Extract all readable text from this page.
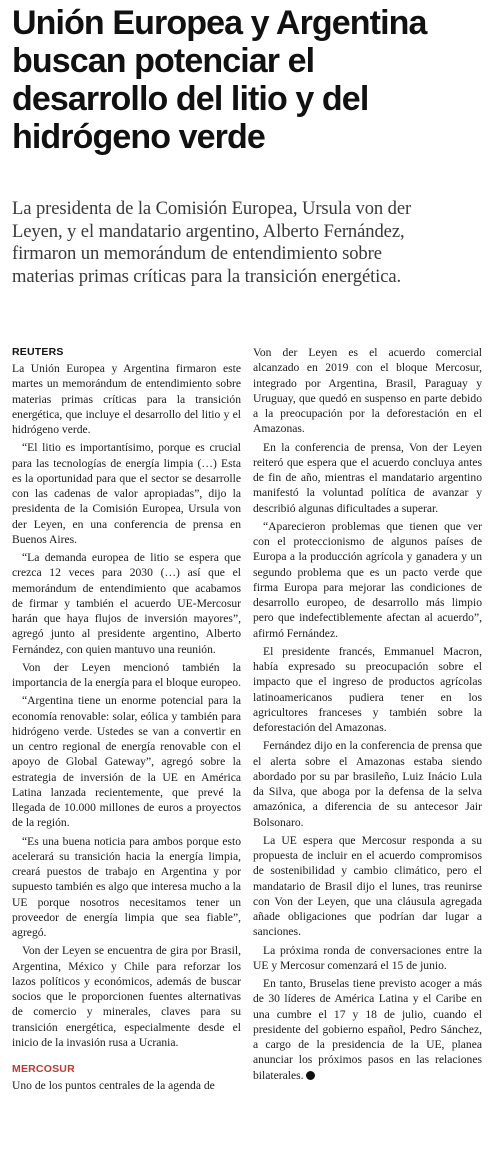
Unión Europea y Argentina
buscan potenciar el
desarrollo del litio y del
hidrógeno verde
La presidenta de la Comisión Europea, Ursula von der
Leyen, y el mandatario argentino, Alberto Fernández,
firmaron un memorándum de entendimiento sobre
materias primas críticas para la transición energética.
REUTERS

La Unión Europea y Argentina firmaron este martes un memorándum de entendimiento sobre materias primas críticas para la transición energética, que incluye el desarrollo del litio y el hidrógeno verde.

“El litio es importantísimo, porque es crucial para las tecnologías de energía limpia (…) Esta es la oportunidad para que el sector se desarrolle con las cadenas de valor apropiadas”, dijo la presidenta de la Comisión Europea, Ursula von der Leyen, en una conferencia de prensa en Buenos Aires.

“La demanda europea de litio se espera que crezca 12 veces para 2030 (…) así que el memorándum de entendimiento que acabamos de firmar y también el acuerdo UE-Mercosur harán que haya flujos de inversión mayores”, agregó junto al presidente argentino, Alberto Fernández, con quien mantuvo una reunión.

Von der Leyen mencionó también la importancia de la energía para el bloque europeo.

“Argentina tiene un enorme potencial para la economía renovable: solar, eólica y también para hidrógeno verde. Ustedes se van a convertir en un centro regional de energía renovable con el apoyo de Global Gateway”, agregó sobre la estrategia de inversión de la UE en América Latina lanzada recientemente, que prevé la llegada de 10.000 millones de euros a proyectos de la región.

“Es una buena noticia para ambos porque esto acelerará su transición hacia la energía limpia, creará puestos de trabajo en Argentina y por supuesto también es algo que interesa mucho a la UE porque nosotros necesitamos tener un proveedor de energía limpia que sea fiable”, agregó.

Von der Leyen se encuentra de gira por Brasil, Argentina, México y Chile para reforzar los lazos políticos y económicos, además de buscar socios que le proporcionen fuentes alternativas de comercio y minerales, claves para su transición energética, especialmente desde el inicio de la invasión rusa a Ucrania.

MERCOSUR

Uno de los puntos centrales de la agenda de

Von der Leyen es el acuerdo comercial alcanzado en 2019 con el bloque Mercosur, integrado por Argentina, Brasil, Paraguay y Uruguay, que quedó en suspenso en parte debido a la preocupación por la deforestación en el Amazonas.

En la conferencia de prensa, Von der Leyen reiteró que espera que el acuerdo concluya antes de fin de año, mientras el mandatario argentino manifestó la voluntad política de avanzar y describió algunas dificultades a superar.

“Aparecieron problemas que tienen que ver con el proteccionismo de algunos países de Europa a la producción agrícola y ganadera y un segundo problema que es un pacto verde que firma Europa para mejorar las condiciones de desarrollo europeo, de desarrollo más limpio pero que indefectiblemente afectan al acuerdo”, afirmó Fernández.

El presidente francés, Emmanuel Macron, había expresado su preocupación sobre el impacto que el ingreso de productos agrícolas latinoamericanos pudiera tener en los agricultores franceses y también sobre la deforestación del Amazonas.

Fernández dijo en la conferencia de prensa que el alerta sobre el Amazonas estaba siendo abordado por su par brasileño, Luiz Inácio Lula da Silva, que aboga por la defensa de la selva amazónica, a diferencia de su antecesor Jair Bolsonaro.

La UE espera que Mercosur responda a su propuesta de incluir en el acuerdo compromisos de sostenibilidad y cambio climático, pero el mandatario de Brasil dijo el lunes, tras reunirse con Von der Leyen, que una cláusula agregada añade obligaciones que podrían dar lugar a sanciones.

La próxima ronda de conversaciones entre la UE y Mercosur comenzará el 15 de junio.

En tanto, Bruselas tiene previsto acoger a más de 30 líderes de América Latina y el Caribe en una cumbre el 17 y 18 de julio, cuando el presidente del gobierno español, Pedro Sánchez, a cargo de la presidencia de la UE, planea anunciar los próximos pasos en las relaciones bilaterales.
